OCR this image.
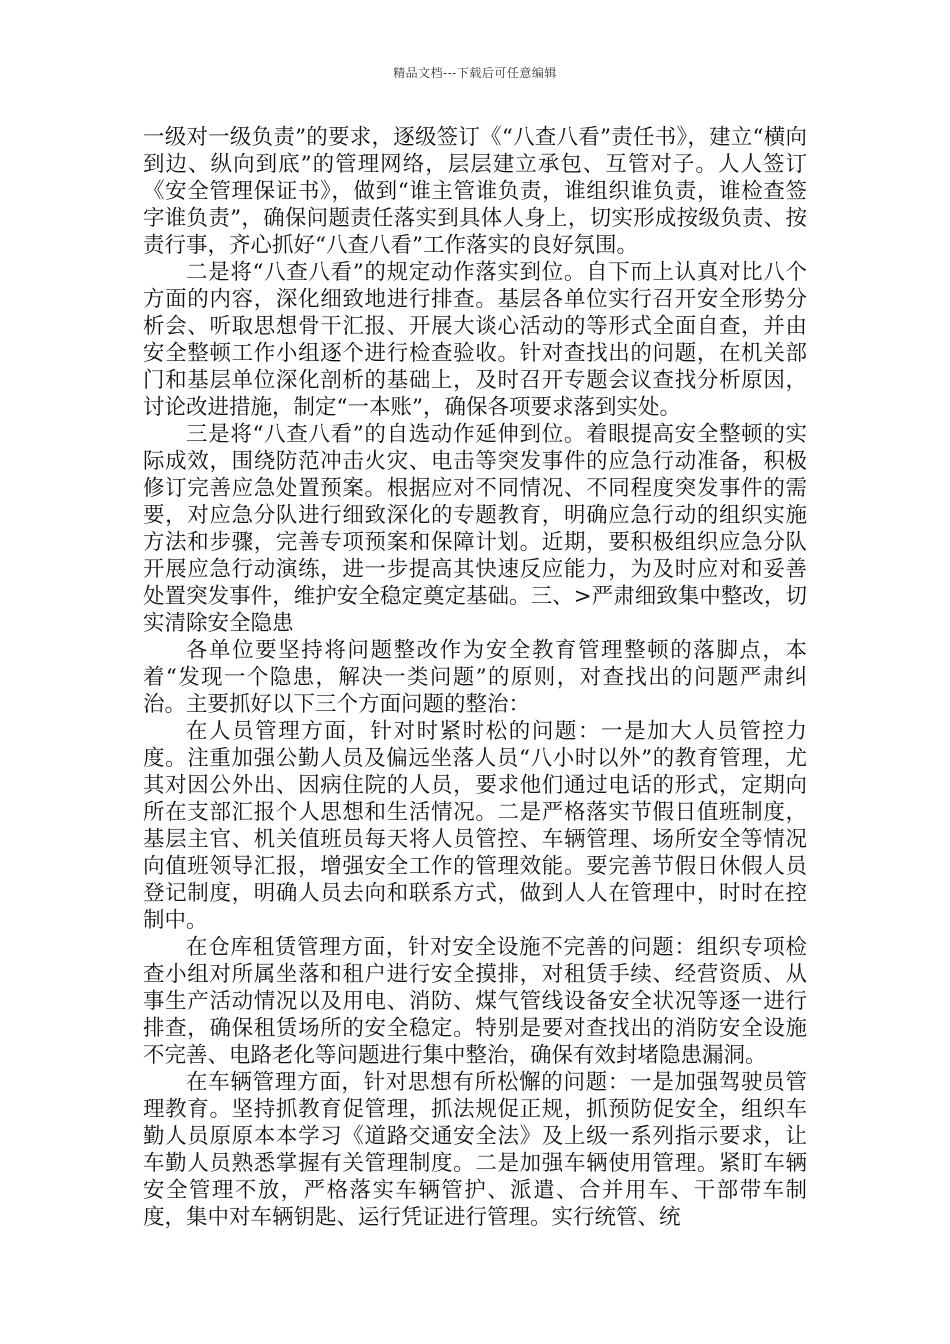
精品文档---下载后可任意编辑

一级对一级负责”的要求，逐级签订《“八查八看”责任书》，建立“横向到边、纵向到底”的管理网络，层层建立承包、互管对子。人人签订《安全管理保证书》，做到“谁主管谁负责，谁组织谁负责，谁检查签字谁负责”，确保问题责任落实到具体人身上，切实形成按级负责、按责行事，齐心抓好“八查八看”工作落实的良好氛围。

二是将“八查八看”的规定动作落实到位。自下而上认真对比八个方面的内容，深化细致地进行排查。基层各单位实行召开安全形势分析会、听取思想骨干汇报、开展大谈心活动的等形式全面自查，并由安全整顿工作小组逐个进行检查验收。针对查找出的问题，在机关部门和基层单位深化剖析的基础上，及时召开专题会议查找分析原因，讨论改进措施，制定“一本账”，确保各项要求落到实处。

三是将“八查八看”的自选动作延伸到位。着眼提高安全整顿的实际成效，围绕防范冲击火灾、电击等突发事件的应急行动准备，积极修订完善应急处置预案。根据应对不同情况、不同程度突发事件的需要，对应急分队进行细致深化的专题教育，明确应急行动的组织实施方法和步骤，完善专项预案和保障计划。近期，要积极组织应急分队开展应急行动演练，进一步提高其快速反应能力，为及时应对和妥善处置突发事件，维护安全稳定奠定基础。三、>严肃细致集中整改，切实清除安全隐患

各单位要坚持将问题整改作为安全教育管理整顿的落脚点，本着“发现一个隐患，解决一类问题”的原则，对查找出的问题严肃纠治。主要抓好以下三个方面问题的整治：

在人员管理方面，针对时紧时松的问题：一是加大人员管控力度。注重加强公勤人员及偏远坐落人员“八小时以外”的教育管理，尤其对因公外出、因病住院的人员，要求他们通过电话的形式，定期向所在支部汇报个人思想和生活情况。二是严格落实节假日值班制度，基层主官、机关值班员每天将人员管控、车辆管理、场所安全等情况向值班领导汇报，增强安全工作的管理效能。要完善节假日休假人员登记制度，明确人员去向和联系方式，做到人人在管理中，时时在控制中。

在仓库租赁管理方面，针对安全设施不完善的问题：组织专项检查小组对所属坐落和租户进行安全摸排，对租赁手续、经营资质、从事生产活动情况以及用电、消防、煤气管线设备安全状况等逐一进行排查，确保租赁场所的安全稳定。特别是要对查找出的消防安全设施不完善、电路老化等问题进行集中整治，确保有效封堵隐患漏洞。

在车辆管理方面，针对思想有所松懈的问题：一是加强驾驶员管理教育。坚持抓教育促管理，抓法规促正规，抓预防促安全，组织车勤人员原原本本学习《道路交通安全法》及上级一系列指示要求，让车勤人员熟悉掌握有关管理制度。二是加强车辆使用管理。紧盯车辆安全管理不放，严格落实车辆管护、派遣、合并用车、干部带车制度，集中对车辆钥匙、运行凭证进行管理。实行统管、统
